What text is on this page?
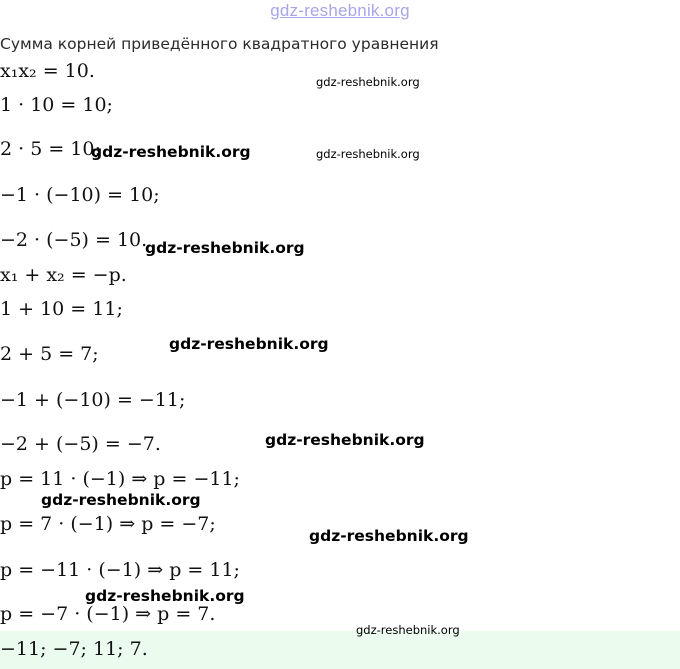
gdz-reshebnik.org
Сумма корней приведённого квадратного уравнения
x₁x₂ = 10.
1 · 10 = 10;
2 · 5 = 10;
−1 · (−10) = 10;
−2 · (−5) = 10.
x₁ + x₂ = −p.
1 + 10 = 11;
2 + 5 = 7;
−1 + (−10) = −11;
−2 + (−5) = −7.
p = 11 · (−1) ⇒ p = −11;
p = 7 · (−1) ⇒ p = −7;
p = −11 · (−1) ⇒ p = 11;
p = −7 · (−1) ⇒ p = 7.
−11; −7; 11; 7.
gdz-reshebnik.org
gdz-reshebnik.org	gdz-reshebnik.org
gdz-reshebnik.org
gdz-reshebnik.org
gdz-reshebnik.org
gdz-reshebnik.org
gdz-reshebnik.org
gdz-reshebnik.org
gdz-reshebnik.org
